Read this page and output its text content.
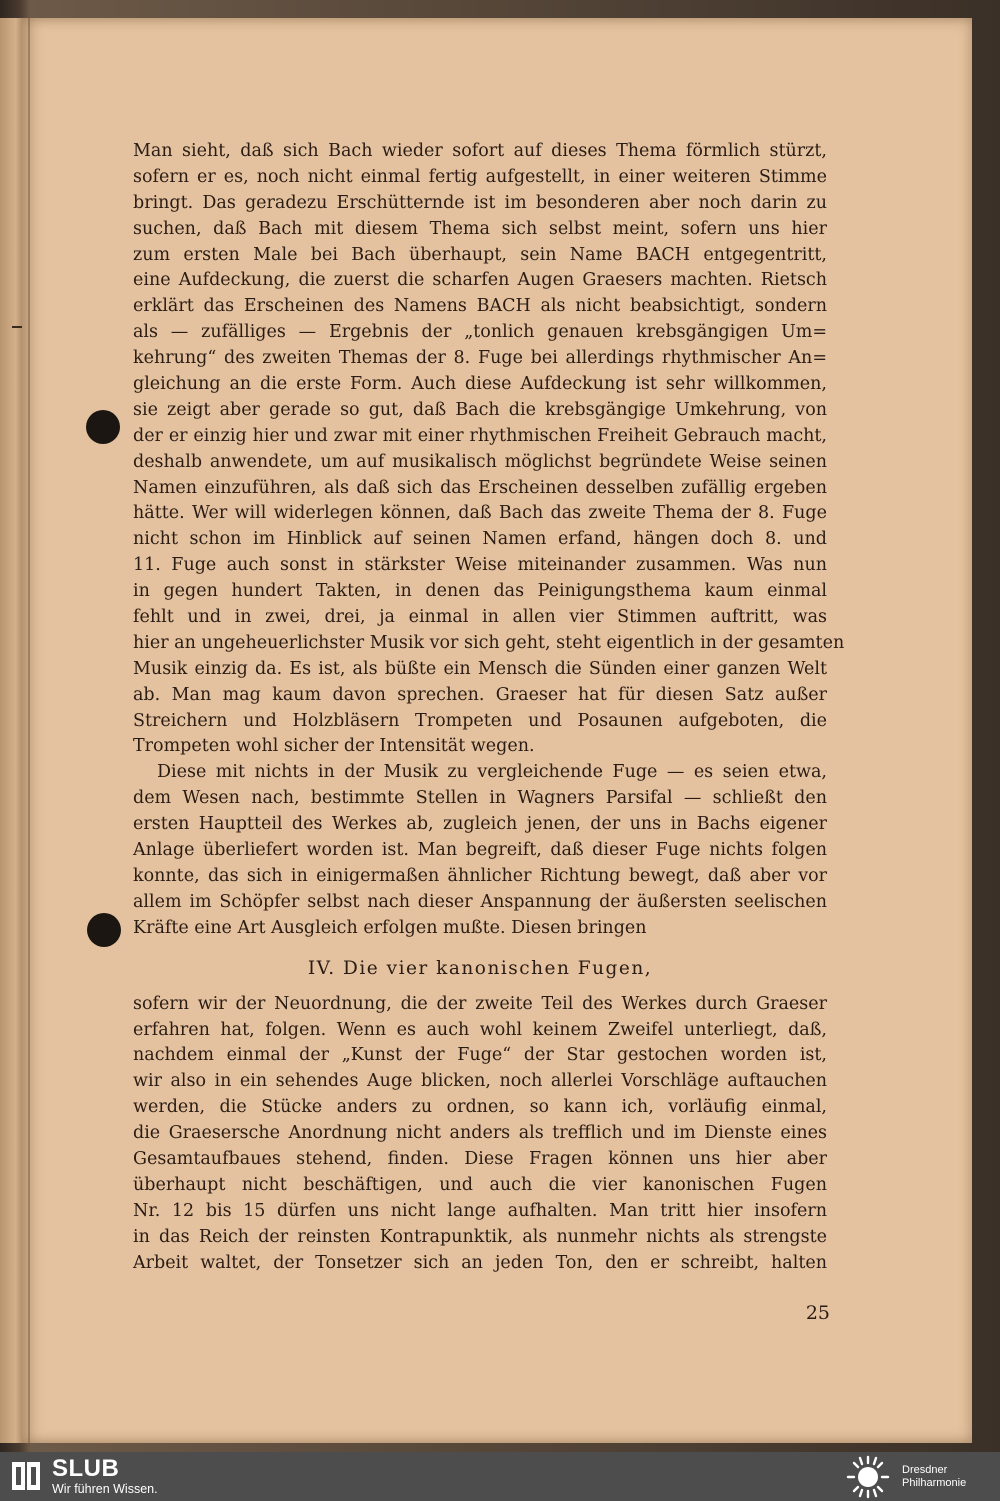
Man sieht, daß sich Bach wieder sofort auf dieses Thema förmlich stürzt,
sofern er es, noch nicht einmal fertig aufgestellt, in einer weiteren Stimme
bringt. Das geradezu Erschütternde ist im besonderen aber noch darin zu
suchen, daß Bach mit diesem Thema sich selbst meint, sofern uns hier
zum ersten Male bei Bach überhaupt, sein Name BACH entgegentritt,
eine Aufdeckung, die zuerst die scharfen Augen Graesers machten. Rietsch
erklärt das Erscheinen des Namens BACH als nicht beabsichtigt, sondern
als — zufälliges — Ergebnis der „tonlich genauen krebsgängigen Um=
kehrung“ des zweiten Themas der 8. Fuge bei allerdings rhythmischer An=
gleichung an die erste Form. Auch diese Aufdeckung ist sehr willkommen,
sie zeigt aber gerade so gut, daß Bach die krebsgängige Umkehrung, von
der er einzig hier und zwar mit einer rhythmischen Freiheit Gebrauch macht,
deshalb anwendete, um auf musikalisch möglichst begründete Weise seinen
Namen einzuführen, als daß sich das Erscheinen desselben zufällig ergeben
hätte. Wer will widerlegen können, daß Bach das zweite Thema der 8. Fuge
nicht schon im Hinblick auf seinen Namen erfand, hängen doch 8. und
11. Fuge auch sonst in stärkster Weise miteinander zusammen. Was nun
in gegen hundert Takten, in denen das Peinigungsthema kaum einmal
fehlt und in zwei, drei, ja einmal in allen vier Stimmen auftritt, was
hier an ungeheuerlichster Musik vor sich geht, steht eigentlich in der gesamten
Musik einzig da. Es ist, als büßte ein Mensch die Sünden einer ganzen Welt
ab. Man mag kaum davon sprechen. Graeser hat für diesen Satz außer
Streichern und Holzbläsern Trompeten und Posaunen aufgeboten, die
Trompeten wohl sicher der Intensität wegen.
Diese mit nichts in der Musik zu vergleichende Fuge — es seien etwa,
dem Wesen nach, bestimmte Stellen in Wagners Parsifal — schließt den
ersten Hauptteil des Werkes ab, zugleich jenen, der uns in Bachs eigener
Anlage überliefert worden ist. Man begreift, daß dieser Fuge nichts folgen
konnte, das sich in einigermaßen ähnlicher Richtung bewegt, daß aber vor
allem im Schöpfer selbst nach dieser Anspannung der äußersten seelischen
Kräfte eine Art Ausgleich erfolgen mußte. Diesen bringen
IV. Die vier kanonischen Fugen,
sofern wir der Neuordnung, die der zweite Teil des Werkes durch Graeser
erfahren hat, folgen. Wenn es auch wohl keinem Zweifel unterliegt, daß,
nachdem einmal der „Kunst der Fuge“ der Star gestochen worden ist,
wir also in ein sehendes Auge blicken, noch allerlei Vorschläge auftauchen
werden, die Stücke anders zu ordnen, so kann ich, vorläufig einmal,
die Graesersche Anordnung nicht anders als trefflich und im Dienste eines
Gesamtaufbaues stehend, finden. Diese Fragen können uns hier aber
überhaupt nicht beschäftigen, und auch die vier kanonischen Fugen
Nr. 12 bis 15 dürfen uns nicht lange aufhalten. Man tritt hier insofern
in das Reich der reinsten Kontrapunktik, als nunmehr nichts als strengste
Arbeit waltet, der Tonsetzer sich an jeden Ton, den er schreibt, halten
25
SLUB
Wir führen Wissen.
Dresdner
Philharmonie
